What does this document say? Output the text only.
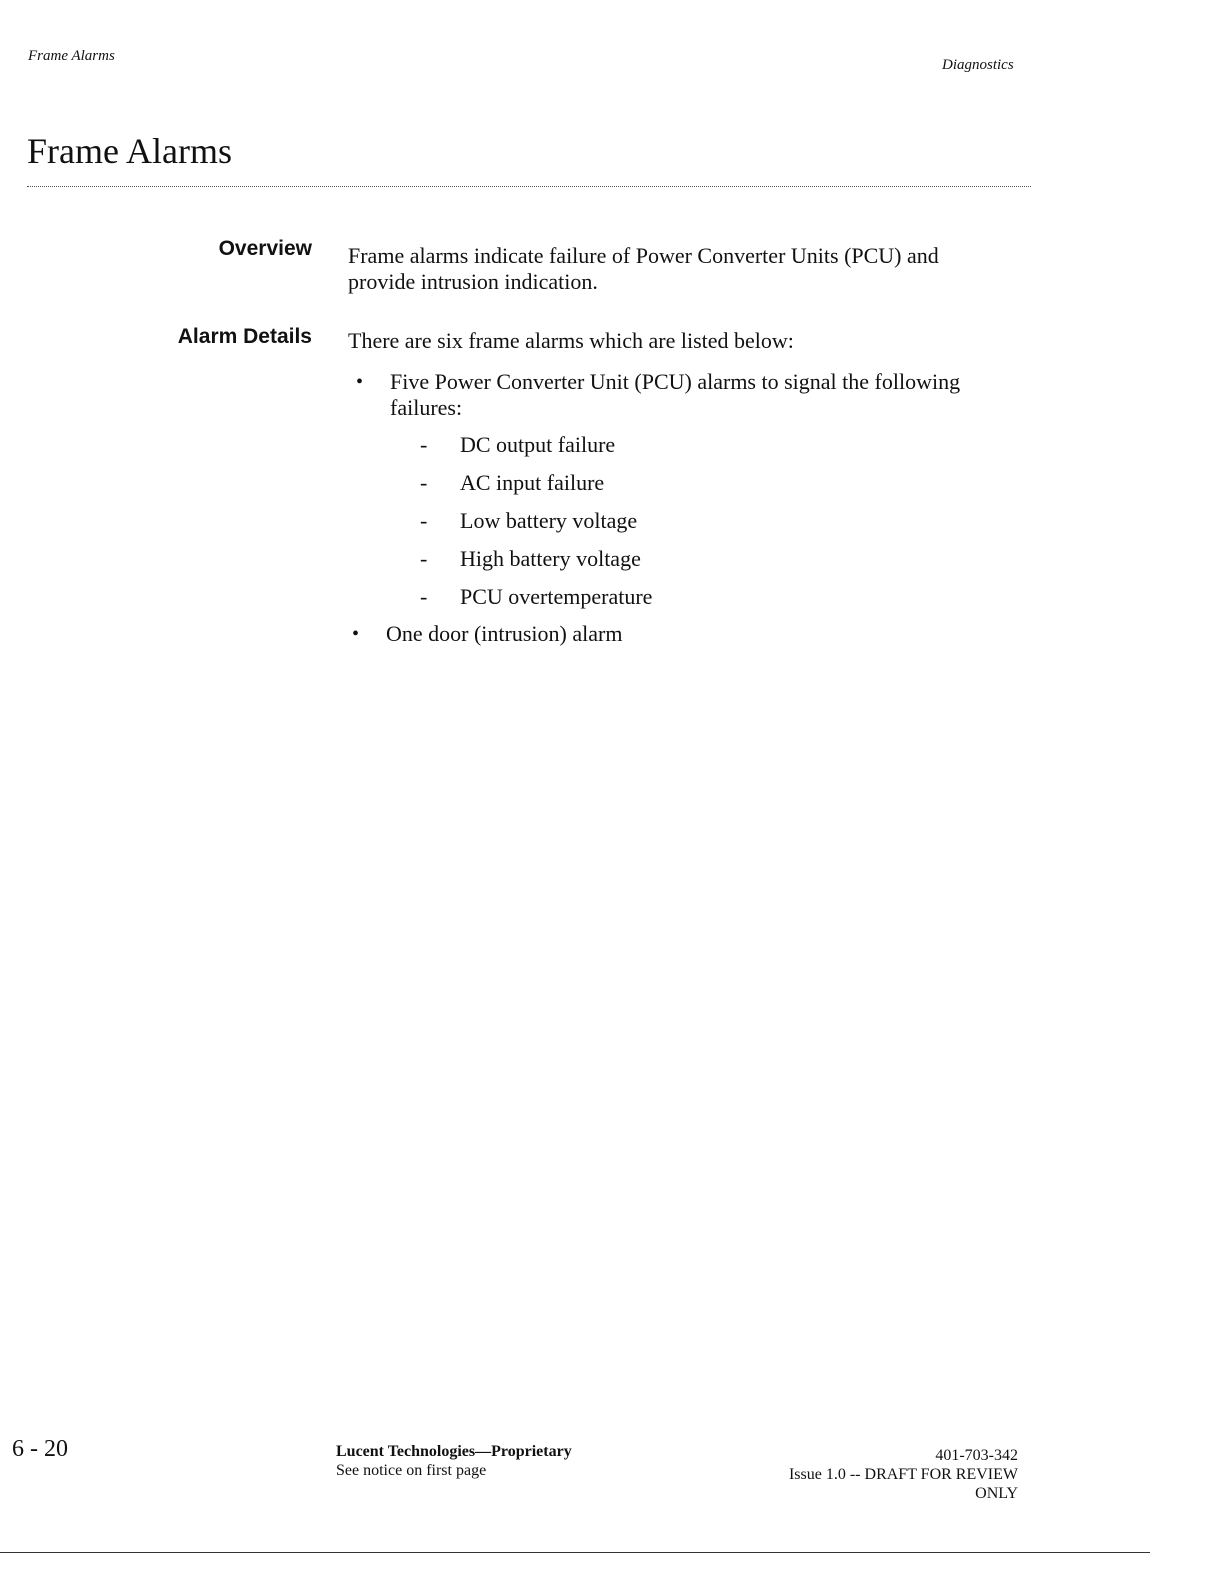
Frame Alarms
Diagnostics
Frame Alarms
Overview Frame alarms indicate failure of Power Converter Units (PCU) and provide intrusion indication.
Alarm Details There are six frame alarms which are listed below:
• Five Power Converter Unit (PCU) alarms to signal the following failures:
- DC output failure
- AC input failure
- Low battery voltage
- High battery voltage
- PCU overtemperature
• One door (intrusion) alarm
6 - 20	Lucent Technologies—Proprietary
See notice on first page
401-703-342
Issue 1.0 -- DRAFT FOR REVIEW
ONLY
